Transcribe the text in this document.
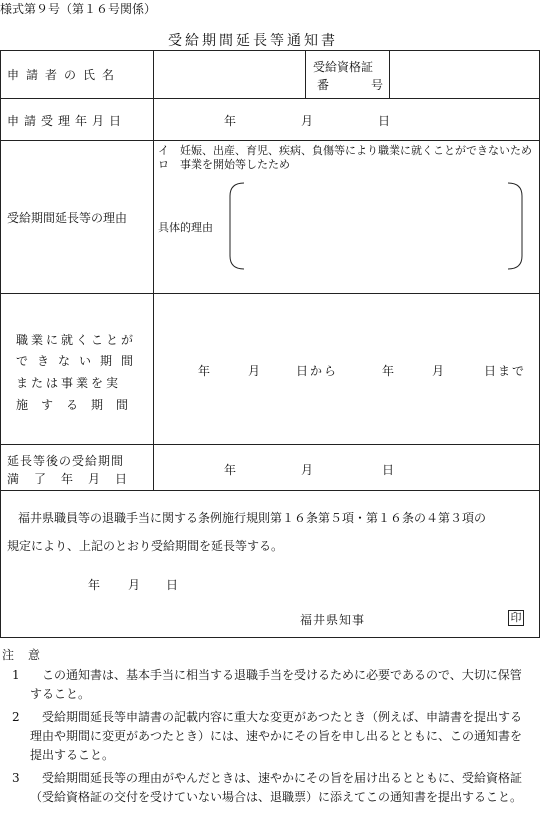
様式第９号（第１６号関係）
受給期間延長等通知書
申請者の氏名
受給資格証
番	号
申請受理年月日	年	月	日
受給期間延長等の理由
イ　妊娠、出産、育児、疾病、負傷等により職業に就くことができないため
ロ　事業を開始等したため
具体的理由
職業に就くことが
できない期間
または事業を実
施する期間
年	月	日から	年	月	日まで
延長等後の受給期間
満了年月日
年	月	日
福井県職員等の退職手当に関する条例施行規則第１６条第５項・第１６条の４第３項の
規定により、上記のとおり受給期間を延長等する。
年 月 日
福井県知事	印
注　意
1	この通知書は、基本手当に相当する退職手当を受けるために必要であるので、大切に保管すること。
2	受給期間延長等申請書の記載内容に重大な変更があつたとき（例えば、申請書を提出する理由や期間に変更があつたとき）には、速やかにその旨を申し出るとともに、この通知書を提出すること。
3	受給期間延長等の理由がやんだときは、速やかにその旨を届け出るとともに、受給資格証（受給資格証の交付を受けていない場合は、退職票）に添えてこの通知書を提出すること。
